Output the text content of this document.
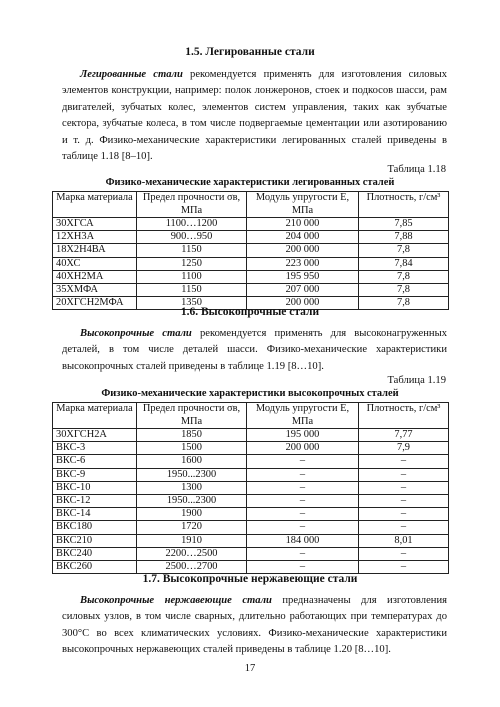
1.5. Легированные стали

Легированные стали рекомендуется применять для изготовления силовых элементов конструкции, например: полок лонжеронов, стоек и подкосов шасси, рам двигателей, зубчатых колес, элементов систем управления, таких как зубчатые сектора, зубчатые колеса, в том числе подвергаемые цементации или азотированию и т. д. Физико-механические характеристики легированных сталей приведены в таблице 1.18 [8–10].

Таблица 1.18
Физико-механические характеристики легированных сталей
Марка материала	Предел прочности σв, МПа	Модуль упругости Е, МПа	Плотность, г/см³
30ХГСА	1100…1200	210 000	7,85
12ХН3А	900…950	204 000	7,88
18Х2Н4ВА	1150	200 000	7,8
40ХС	1250	223 000	7,84
40ХН2МА	1100	195 950	7,8
35ХМФА	1150	207 000	7,8
20ХГСН2МФА	1350	200 000	7,8
1.6. Высокопрочные стали

Высокопрочные стали рекомендуется применять для высоконагруженных деталей, в том числе деталей шасси. Физико-механические характеристики высокопрочных сталей приведены в таблице 1.19 [8…10].

Таблица 1.19
Физико-механические характеристики высокопрочных сталей
Марка материала	Предел прочности σв, МПа	Модуль упругости Е, МПа	Плотность, г/см³
30ХГСН2А	1850	195 000	7,77
ВКС-3	1500	200 000	7,9
ВКС-6	1600	–	–
ВКС-9	1950...2300	–	–
ВКС-10	1300	–	–
ВКС-12	1950...2300	–	–
ВКС-14	1900	–	–
ВКС180	1720	–	–
ВКС210	1910	184 000	8,01
ВКС240	2200…2500	–	–
ВКС260	2500…2700	–	–
1.7. Высокопрочные нержавеющие стали

Высокопрочные нержавеющие стали предназначены для изготовления силовых узлов, в том числе сварных, длительно работающих при температурах до 300°С во всех климатических условиях. Физико-механические характеристики высокопрочных нержавеющих сталей приведены в таблице 1.20 [8…10].

17
